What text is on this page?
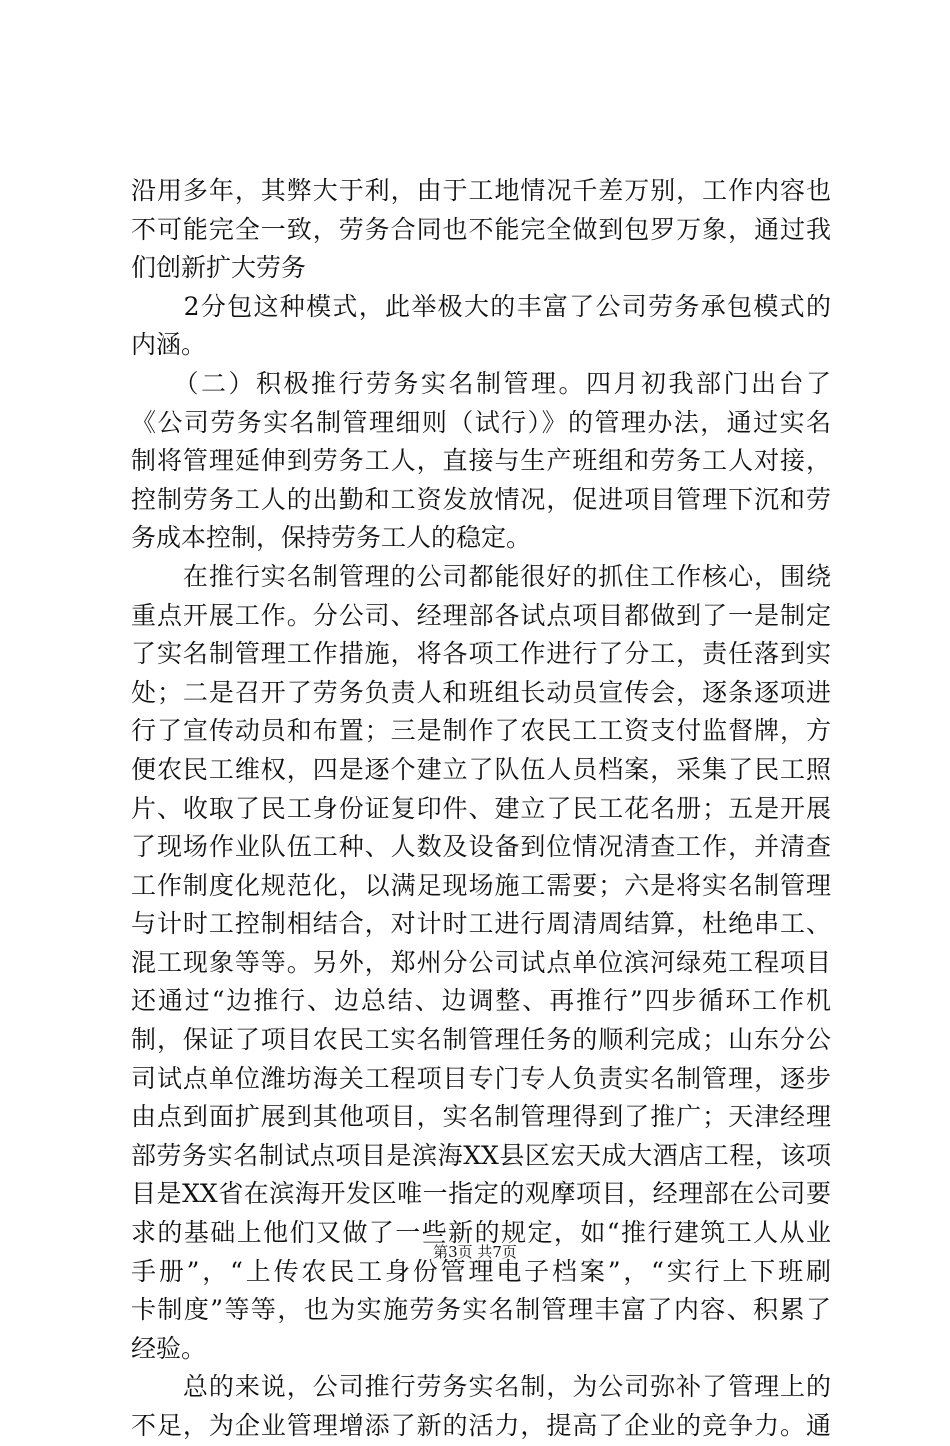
沿用多年，其弊大于利，由于工地情况千差万别，工作内容也
不可能完全一致，劳务合同也不能完全做到包罗万象，通过我
们创新扩大劳务
　　2分包这种模式，此举极大的丰富了公司劳务承包模式的
内涵。
　　（二）积极推行劳务实名制管理。四月初我部门出台了
《公司劳务实名制管理细则（试行）》的管理办法，通过实名
制将管理延伸到劳务工人，直接与生产班组和劳务工人对接，
控制劳务工人的出勤和工资发放情况，促进项目管理下沉和劳
务成本控制，保持劳务工人的稳定。
　　在推行实名制管理的公司都能很好的抓住工作核心，围绕
重点开展工作。分公司、经理部各试点项目都做到了一是制定
了实名制管理工作措施，将各项工作进行了分工，责任落到实
处；二是召开了劳务负责人和班组长动员宣传会，逐条逐项进
行了宣传动员和布置；三是制作了农民工工资支付监督牌，方
便农民工维权，四是逐个建立了队伍人员档案，采集了民工照
片、收取了民工身份证复印件、建立了民工花名册；五是开展
了现场作业队伍工种、人数及设备到位情况清查工作，并清查
工作制度化规范化，以满足现场施工需要；六是将实名制管理
与计时工控制相结合，对计时工进行周清周结算，杜绝串工、
混工现象等等。另外，郑州分公司试点单位滨河绿苑工程项目
还通过“边推行、边总结、边调整、再推行”四步循环工作机
制，保证了项目农民工实名制管理任务的顺利完成；山东分公
司试点单位潍坊海关工程项目专门专人负责实名制管理，逐步
由点到面扩展到其他项目，实名制管理得到了推广；天津经理
部劳务实名制试点项目是滨海XX县区宏天成大酒店工程，该项
目是XX省在滨海开发区唯一指定的观摩项目，经理部在公司要
求的基础上他们又做了一些新的规定，如“推行建筑工人从业
手册”，“上传农民工身份管理电子档案”，“实行上下班刷
卡制度”等等，也为实施劳务实名制管理丰富了内容、积累了
经验。
　　总的来说，公司推行劳务实名制，为公司弥补了管理上的
不足，为企业管理增添了新的活力，提高了企业的竞争力。通
第3页 共7页
